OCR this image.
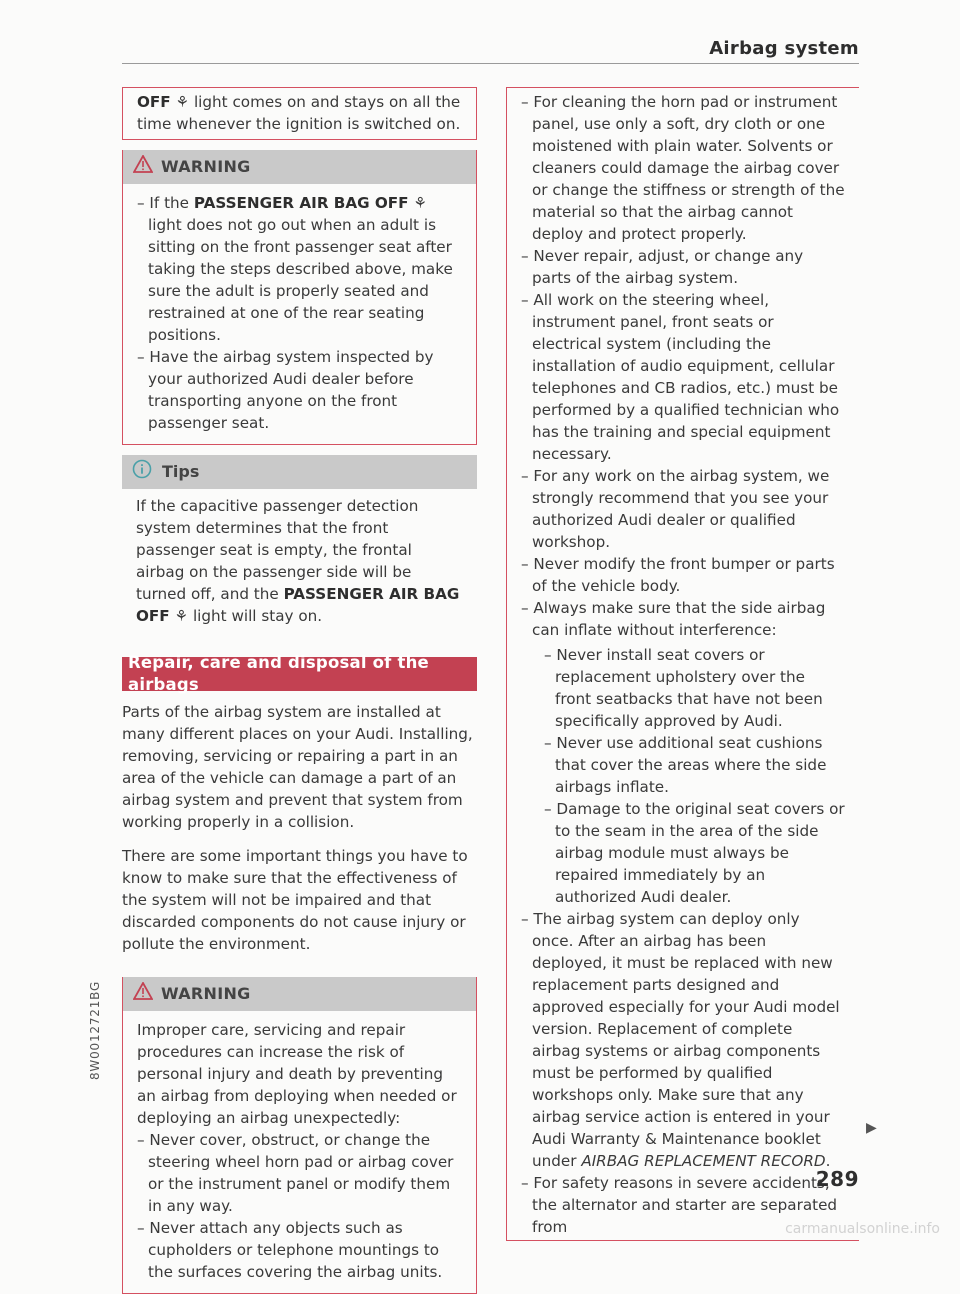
Airbag system

OFF ⚘ light comes on and stays on all the time whenever the ignition is switched on.

WARNING

– If the PASSENGER AIR BAG OFF ⚘ light does not go out when an adult is sitting on the front passenger seat after taking the steps described above, make sure the adult is properly seated and restrained at one of the rear seating positions.

– Have the airbag system inspected by your authorized Audi dealer before transporting anyone on the front passenger seat.

Tips

If the capacitive passenger detection system determines that the front passenger seat is empty, the frontal airbag on the passenger side will be turned off, and the PASSENGER AIR BAG OFF ⚘ light will stay on.

Repair, care and disposal of the airbags

Parts of the airbag system are installed at many different places on your Audi. Installing, removing, servicing or repairing a part in an area of the vehicle can damage a part of an airbag system and prevent that system from working properly in a collision.

There are some important things you have to know to make sure that the effectiveness of the system will not be impaired and that discarded components do not cause injury or pollute the environment.

WARNING

Improper care, servicing and repair procedures can increase the risk of personal injury and death by preventing an airbag from deploying when needed or deploying an airbag unexpectedly:

– Never cover, obstruct, or change the steering wheel horn pad or airbag cover or the instrument panel or modify them in any way.

– Never attach any objects such as cupholders or telephone mountings to the surfaces covering the airbag units.

– For cleaning the horn pad or instrument panel, use only a soft, dry cloth or one moistened with plain water. Solvents or cleaners could damage the airbag cover or change the stiffness or strength of the material so that the airbag cannot deploy and protect properly.

– Never repair, adjust, or change any parts of the airbag system.

– All work on the steering wheel, instrument panel, front seats or electrical system (including the installation of audio equipment, cellular telephones and CB radios, etc.) must be performed by a qualified technician who has the training and special equipment necessary.

– For any work on the airbag system, we strongly recommend that you see your authorized Audi dealer or qualified workshop.

– Never modify the front bumper or parts of the vehicle body.

– Always make sure that the side airbag can inflate without interference:

– Never install seat covers or replacement upholstery over the front seatbacks that have not been specifically approved by Audi.

– Never use additional seat cushions that cover the areas where the side airbags inflate.

– Damage to the original seat covers or to the seam in the area of the side airbag module must always be repaired immediately by an authorized Audi dealer.

– The airbag system can deploy only once. After an airbag has been deployed, it must be replaced with new replacement parts designed and approved especially for your Audi model version. Replacement of complete airbag systems or airbag components must be performed by qualified workshops only. Make sure that any airbag service action is entered in your Audi Warranty & Maintenance booklet under AIRBAG REPLACEMENT RECORD.

– For safety reasons in severe accidents, the alternator and starter are separated from

▶
8W0012721BG
289
carmanualsonline.info
